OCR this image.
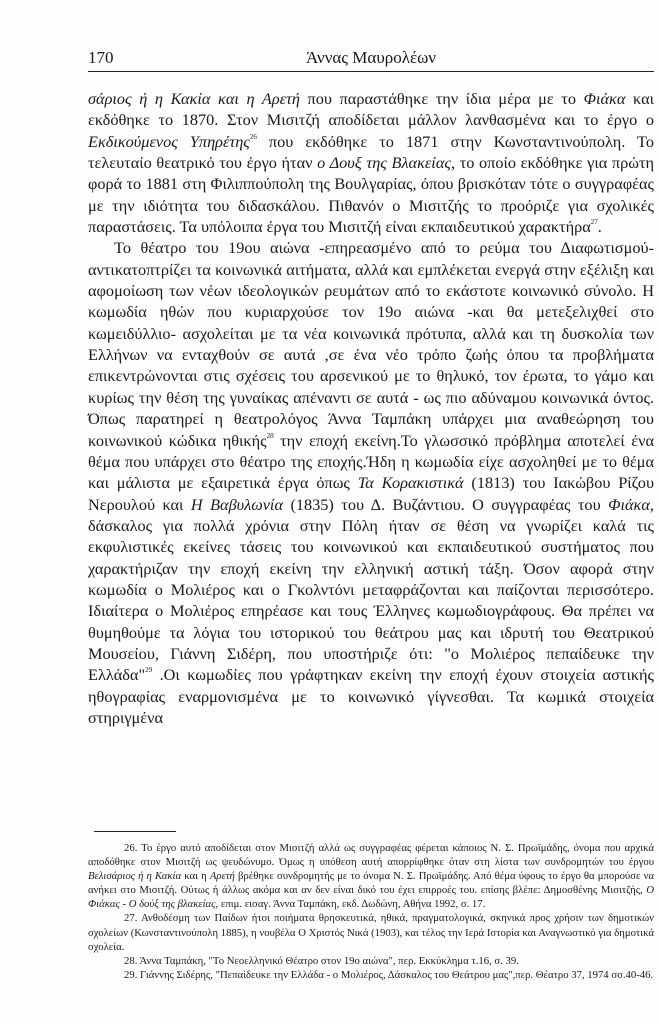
170	Άννας Μαυρολέων

σάριος ή η Κακία και η Αρετή που παραστάθηκε την ίδια μέρα με το Φιάκα και εκδόθηκε το 1870. Στον Μισιτζή αποδίδεται μάλλον λανθασμένα και το έργο ο Εκδικούμενος Υπηρέτης$^{26}$ που εκδόθηκε το 1871 στην Κωνσταντινούπολη. Το τελευταίο θεατρικό του έργο ήταν ο Δουξ της Βλακείας, το οποίο εκδόθηκε για πρώτη φορά το 1881 στη Φιλιππούπολη της Βουλγαρίας, όπου βρισκόταν τότε ο συγγραφέας με την ιδιότητα του διδασκάλου. Πιθανόν ο Μισιτζής το προόριζε για σχολικές παραστάσεις. Τα υπόλοιπα έργα του Μισιτζή είναι εκπαιδευτικού χαρακτήρα$^{27}$.

Το θέατρο του 19ου αιώνα -επηρεασμένο από το ρεύμα του Διαφωτισμού- αντικατοπτρίζει τα κοινωνικά αιτήματα, αλλά και εμπλέκεται ενεργά στην εξέλιξη και αφομοίωση των νέων ιδεολογικών ρευμάτων από το εκάστοτε κοινωνικό σύνολο. Η κωμωδία ηθών που κυριαρχούσε τον 19ο αιώνα -και θα μετεξελιχθεί στο κωμειδύλλιο- ασχολείται με τα νέα κοινωνικά πρότυπα, αλλά και τη δυσκολία των Ελλήνων να ενταχθούν σε αυτά ,σε ένα νέο τρόπο ζωής όπου τα προβλήματα επικεντρώνονται στις σχέσεις του αρσενικού με το θηλυκό, τον έρωτα, το γάμο και κυρίως την θέση της γυναίκας απέναντι σε αυτά - ως πιο αδύναμου κοινωνικά όντος. Όπως παρατηρεί η θεατρολόγος Άννα Ταμπάκη υπάρχει μια αναθεώρηση του κοινωνικού κώδικα ηθικής$^{28}$ την εποχή εκείνη.Το γλωσσικό πρόβλημα αποτελεί ένα θέμα που υπάρχει στο θέατρο της εποχής.Ήδη η κωμωδία είχε ασχοληθεί με το θέμα και μάλιστα με εξαιρετικά έργα όπως Τα Κορακιστικά (1813) του Ιακώβου Ρίζου Νερουλού και Η Βαβυλωνία (1835) του Δ. Βυζάντιου. Ο συγγραφέας του Φιάκα, δάσκαλος για πολλά χρόνια στην Πόλη ήταν σε θέση να γνωρίζει καλά τις εκφυλιστικές εκείνες τάσεις του κοινωνικού και εκπαιδευτικού συστήματος που χαρακτήριζαν την εποχή εκείνη την ελληνική αστική τάξη. Όσον αφορά στην κωμωδία ο Μολιέρος και ο Γκολντόνι μεταφράζονται και παίζονται περισσότερο. Ιδιαίτερα ο Μολιέρος επηρέασε και τους Έλληνες κωμωδιογράφους. Θα πρέπει να θυμηθούμε τα λόγια του ιστορικού του θεάτρου μας και ιδρυτή του Θεατρικού Μουσείου, Γιάννη Σιδέρη, που υποστήριζε ότι: "ο Μολιέρος πεπαίδευκε την Ελλάδα"$^{29}$ .Οι κωμωδίες που γράφτηκαν εκείνη την εποχή έχουν στοιχεία αστικής ηθογραφίας εναρμονισμένα με το κοινωνικό γίγνεσθαι. Τα κωμικά στοιχεία στηριγμένα

26. Το έργο αυτό αποδίδεται στον Μισιτζή αλλά ως συγγραφέας φέρεται κάποιος Ν. Σ. Πρωϊμάδης, όνομα που αρχικά αποδόθηκε στον Μισιτζή ως ψευδώνυμο. Όμως η υπόθεση αυτή απορρίφθηκε όταν στη λίστα των συνδρομητών του έργου Βελισάριος ή η Κακία και η Αρετή βρέθηκε συνδρομητής με το όνομα Ν. Σ. Πρωϊμάδης. Από θέμα ύφους το έργο θα μπορούσε να ανήκει στο Μισιτζή. Ούτως ή άλλως ακόμα και αν δεν είναι δικό του έχει επιρροές του. επίσης βλέπε: Δημοσθένης Μισιτζής, Ο Φιάκας - Ο δούξ της βλακείας, επιμ. εισαγ. Άννα Ταμπάκη, εκδ. Δωδώνη, Αθήνα 1992, σ. 17.

27. Ανθοδέσμη των Παίδων ήτοι ποιήματα θρησκευτικά, ηθικά, πραγματολογικά, σκηνικά προς χρήσιν των δημοτικών σχολείων (Κωνσταντινούπολη 1885), η νουβέλα Ο Χριστός Νικά (1903), και τέλος την Ιερά Ιστορία και Αναγνωστικό για δημοτικά σχολεία.

28. Άννα Ταμπάκη, "Το Νεοελληνικό Θέατρο στον 19ο αιώνα", περ. Εκκύκλημα τ.16, σ. 39.

29. Γιάννης Σιδέρης, "Πεπαίδευκε την Ελλάδα - ο Μολιέρος, Δάσκαλος του Θεάτρου μας",περ. Θέατρο 37, 1974 σσ.40-46.
